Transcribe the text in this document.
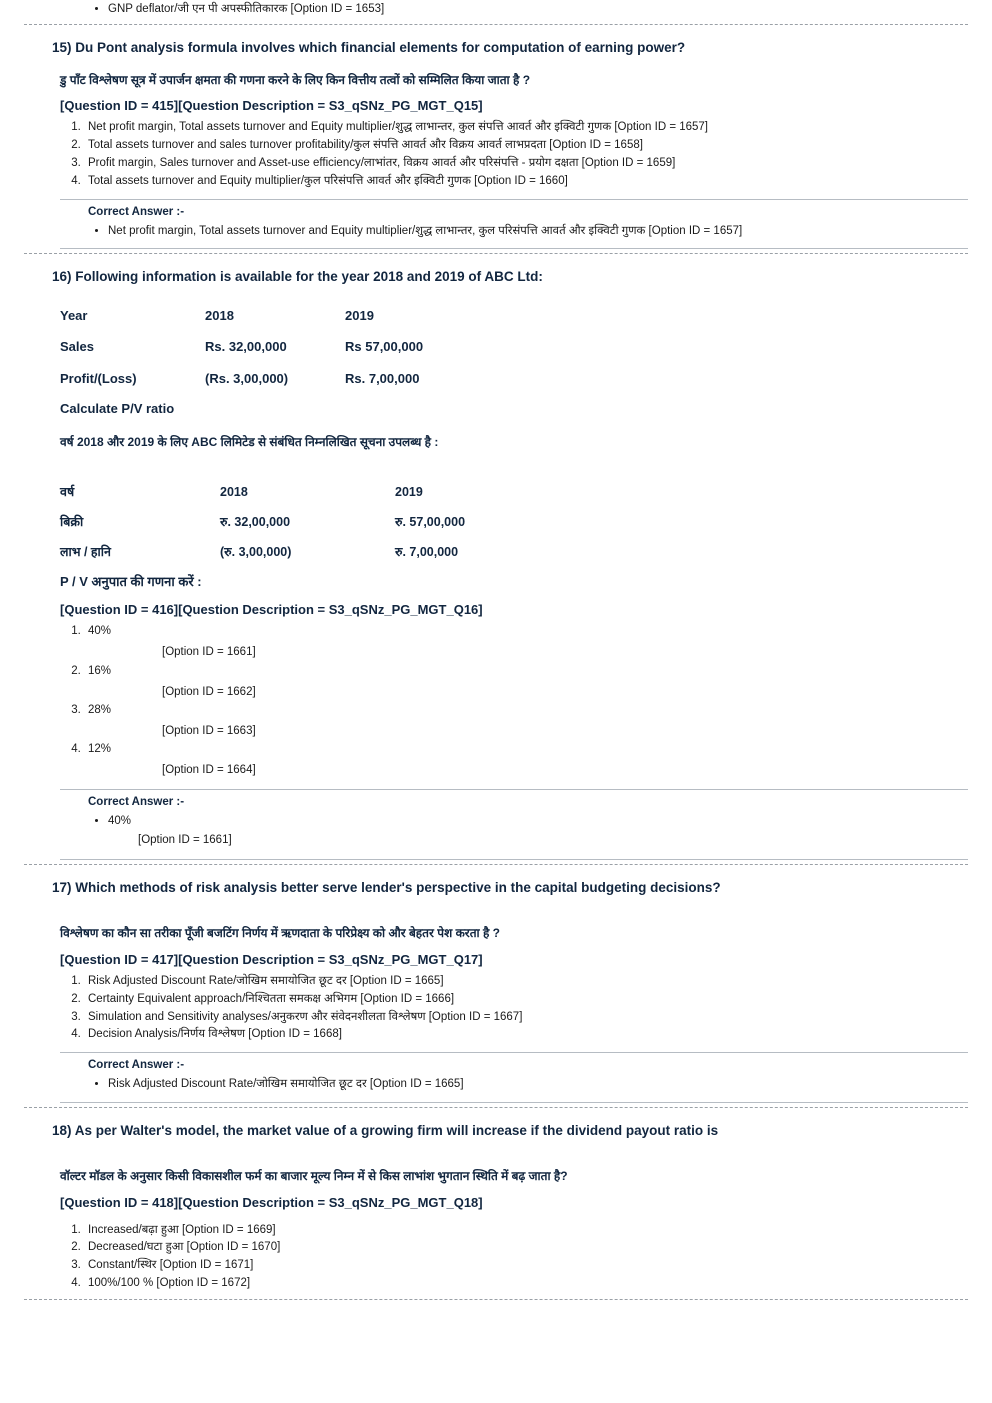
• GNP deflator/जी एन पी अपस्फीतिकारक [Option ID = 1653]
15) Du Pont analysis formula involves which financial elements for computation of earning power?
डु पॉंट विश्लेषण सूत्र में उपार्जन क्षमता की गणना करने के लिए किन वित्तीय तत्वों को सम्मिलित किया जाता है ?
[Question ID = 415][Question Description = S3_qSNz_PG_MGT_Q15]
1. Net profit margin, Total assets turnover and Equity multiplier/शुद्ध लाभान्तर, कुल संपत्ति आवर्त और इक्विटी गुणक [Option ID = 1657]
2. Total assets turnover and sales turnover profitability/कुल संपत्ति आवर्त और विक्रय आवर्त लाभप्रदता [Option ID = 1658]
3. Profit margin, Sales turnover and Asset-use efficiency/लाभांतर, विक्रय आवर्त और परिसंपत्ति - प्रयोग दक्षता [Option ID = 1659]
4. Total assets turnover and Equity multiplier/कुल परिसंपत्ति आवर्त और इक्विटी गुणक [Option ID = 1660]
Correct Answer :-
• Net profit margin, Total assets turnover and Equity multiplier/शुद्ध लाभान्तर, कुल परिसंपत्ति आवर्त और इक्विटी गुणक [Option ID = 1657]
16) Following information is available for the year 2018 and 2019 of ABC Ltd:
Year	2018	2019
Sales	Rs. 32,00,000	Rs 57,00,000
Profit/(Loss)	(Rs. 3,00,000)	Rs. 7,00,000
Calculate P/V ratio
वर्ष 2018 और 2019 के लिए ABC लिमिटेड से संबंधित निम्नलिखित सूचना उपलब्ध है :
वर्ष	2018	2019
बिक्री	रु. 32,00,000	रु. 57,00,000
लाभ / हानि	(रु. 3,00,000)	रु. 7,00,000
P / V अनुपात की गणना करें :
[Question ID = 416][Question Description = S3_qSNz_PG_MGT_Q16]
1. 40%
[Option ID = 1661]
2. 16%
[Option ID = 1662]
3. 28%
[Option ID = 1663]
4. 12%
[Option ID = 1664]
Correct Answer :-
• 40%
[Option ID = 1661]
17) Which methods of risk analysis better serve lender's perspective in the capital budgeting decisions?
विश्लेषण का कौन सा तरीका पूँजी बजटिंग निर्णय में ऋणदाता के परिप्रेक्ष्य को और बेहतर पेश करता है ?
[Question ID = 417][Question Description = S3_qSNz_PG_MGT_Q17]
1. Risk Adjusted Discount Rate/जोखिम समायोजित छूट दर [Option ID = 1665]
2. Certainty Equivalent approach/निश्चितता समकक्ष अभिगम [Option ID = 1666]
3. Simulation and Sensitivity analyses/अनुकरण और संवेदनशीलता विश्लेषण [Option ID = 1667]
4. Decision Analysis/निर्णय विश्लेषण [Option ID = 1668]
Correct Answer :-
• Risk Adjusted Discount Rate/जोखिम समायोजित छूट दर [Option ID = 1665]
18) As per Walter's model, the market value of a growing firm will increase if the dividend payout ratio is
वॉल्टर मॉडल के अनुसार किसी विकासशील फर्म का बाजार मूल्य निम्न में से किस लाभांश भुगतान स्थिति में बढ़ जाता है?
[Question ID = 418][Question Description = S3_qSNz_PG_MGT_Q18]
1. Increased/बढ़ा हुआ [Option ID = 1669]
2. Decreased/घटा हुआ [Option ID = 1670]
3. Constant/स्थिर [Option ID = 1671]
4. 100%/100 % [Option ID = 1672]
